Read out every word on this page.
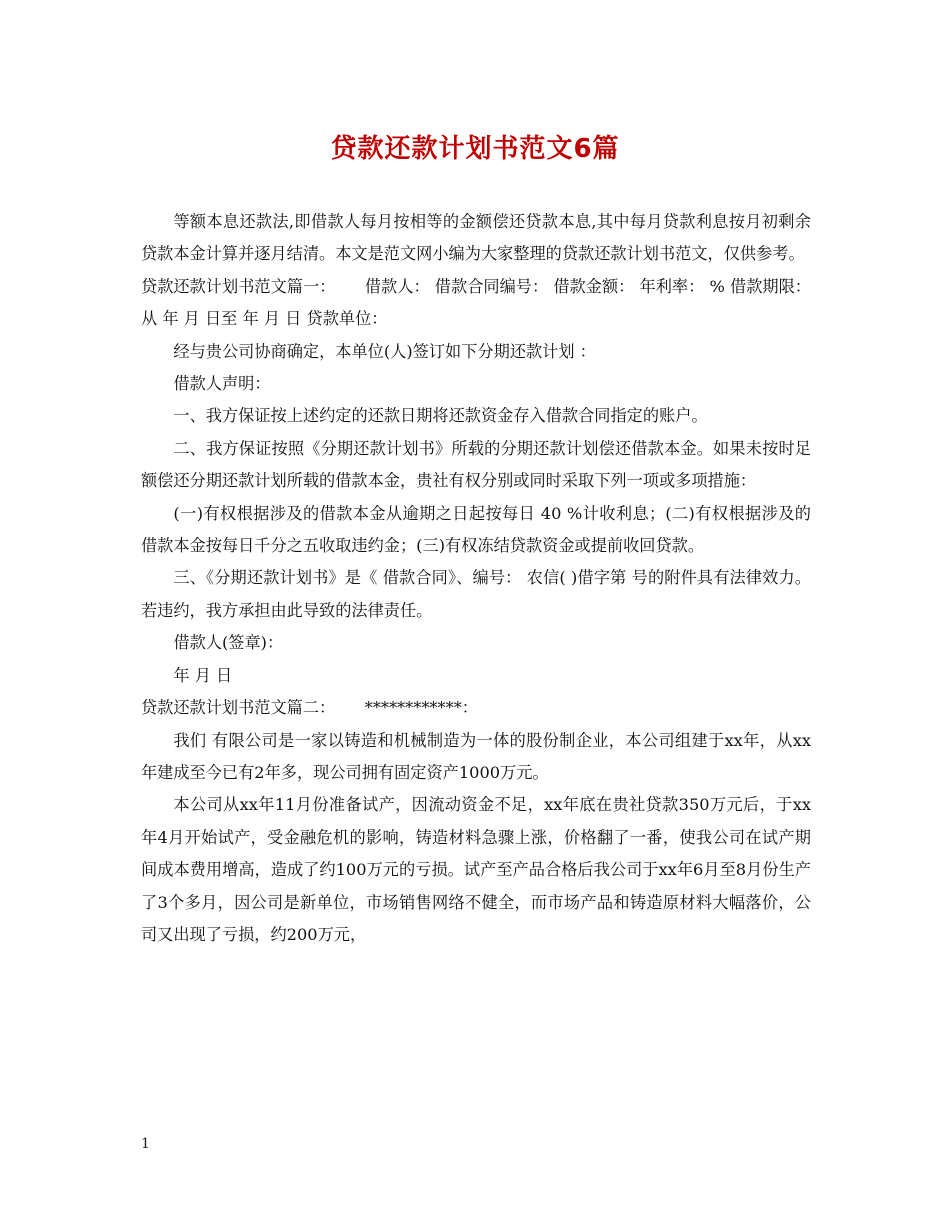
贷款还款计划书范文6篇

等额本息还款法,即借款人每月按相等的金额偿还贷款本息,其中每月贷款利息按月初剩余贷款本金计算并逐月结清。本文是范文网小编为大家整理的贷款还款计划书范文，仅供参考。

贷款还款计划书范文篇一：　　 借款人： 借款合同编号： 借款金额： 年利率： % 借款期限：从 年 月 日至 年 月 日 贷款单位：

经与贵公司协商确定，本单位(人)签订如下分期还款计划 ：

借款人声明：

一、我方保证按上述约定的还款日期将还款资金存入借款合同指定的账户。

二、我方保证按照《分期还款计划书》所载的分期还款计划偿还借款本金。如果未按时足额偿还分期还款计划所载的借款本金，贵社有权分别或同时采取下列一项或多项措施：

(一)有权根据涉及的借款本金从逾期之日起按每日 40 %计收利息；(二)有权根据涉及的借款本金按每日千分之五收取违约金；(三)有权冻结贷款资金或提前收回贷款。

三、《分期还款计划书》是《 借款合同》、编号： 农信( )借字第 号的附件具有法律效力。若违约，我方承担由此导致的法律责任。

借款人(签章)：

年 月 日

贷款还款计划书范文篇二：　　 ************：

我们 有限公司是一家以铸造和机械制造为一体的股份制企业，本公司组建于xx年，从xx年建成至今已有2年多，现公司拥有固定资产1000万元。

本公司从xx年11月份准备试产，因流动资金不足，xx年底在贵社贷款350万元后，于xx年4月开始试产，受金融危机的影响，铸造材料急骤上涨，价格翻了一番，使我公司在试产期间成本费用增高，造成了约100万元的亏损。试产至产品合格后我公司于xx年6月至8月份生产了3个多月，因公司是新单位，市场销售网络不健全，而市场产品和铸造原材料大幅落价，公司又出现了亏损，约200万元，

1
